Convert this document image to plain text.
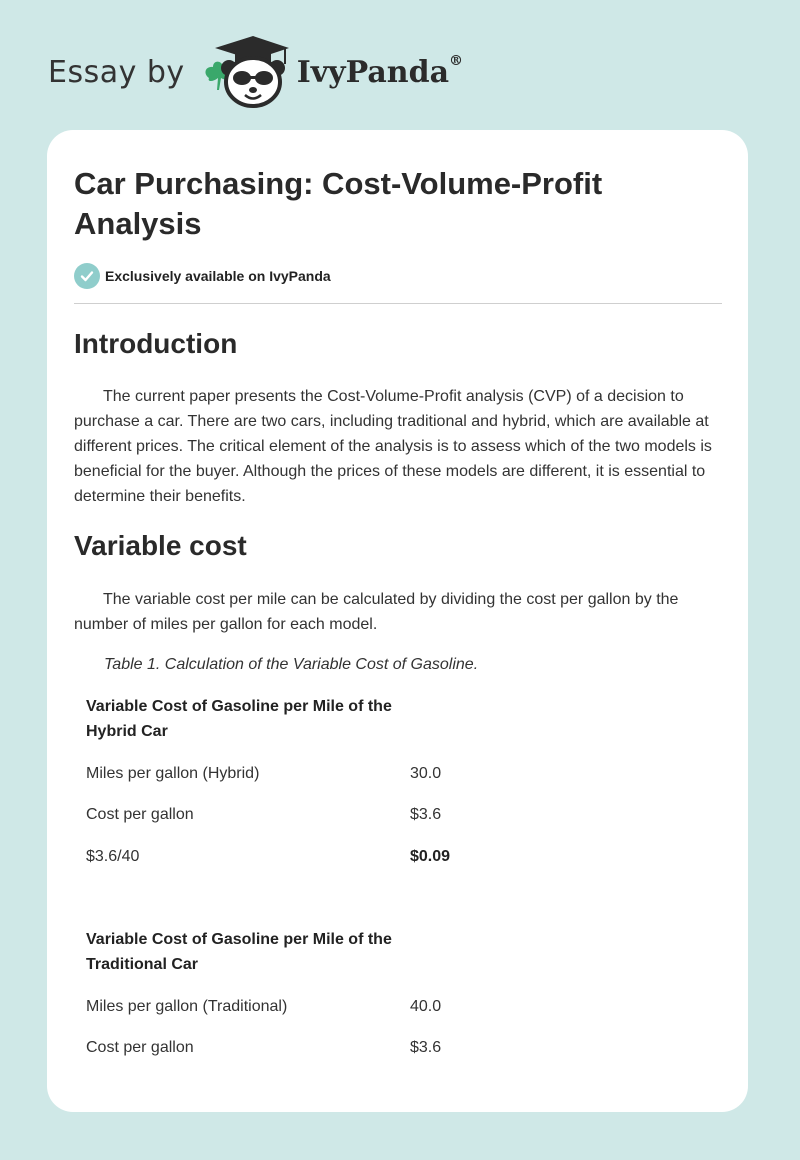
Essay by	IvyPanda®
Car Purchasing: Cost-Volume-Profit Analysis
Exclusively available on IvyPanda
Introduction

The current paper presents the Cost-Volume-Profit analysis (CVP) of a decision to purchase a car. There are two cars, including traditional and hybrid, which are available at different prices. The critical element of the analysis is to assess which of the two models is beneficial for the buyer. Although the prices of these models are different, it is essential to determine their benefits.

Variable cost

The variable cost per mile can be calculated by dividing the cost per gallon by the number of miles per gallon for each model.

Table 1. Calculation of the Variable Cost of Gasoline.
Variable Cost of Gasoline per Mile of the Hybrid Car
Miles per gallon (Hybrid)	30.0
Cost per gallon	$3.6
$3.6/40	$0.09
Variable Cost of Gasoline per Mile of the Traditional Car
Miles per gallon (Traditional)	40.0
Cost per gallon	$3.6
